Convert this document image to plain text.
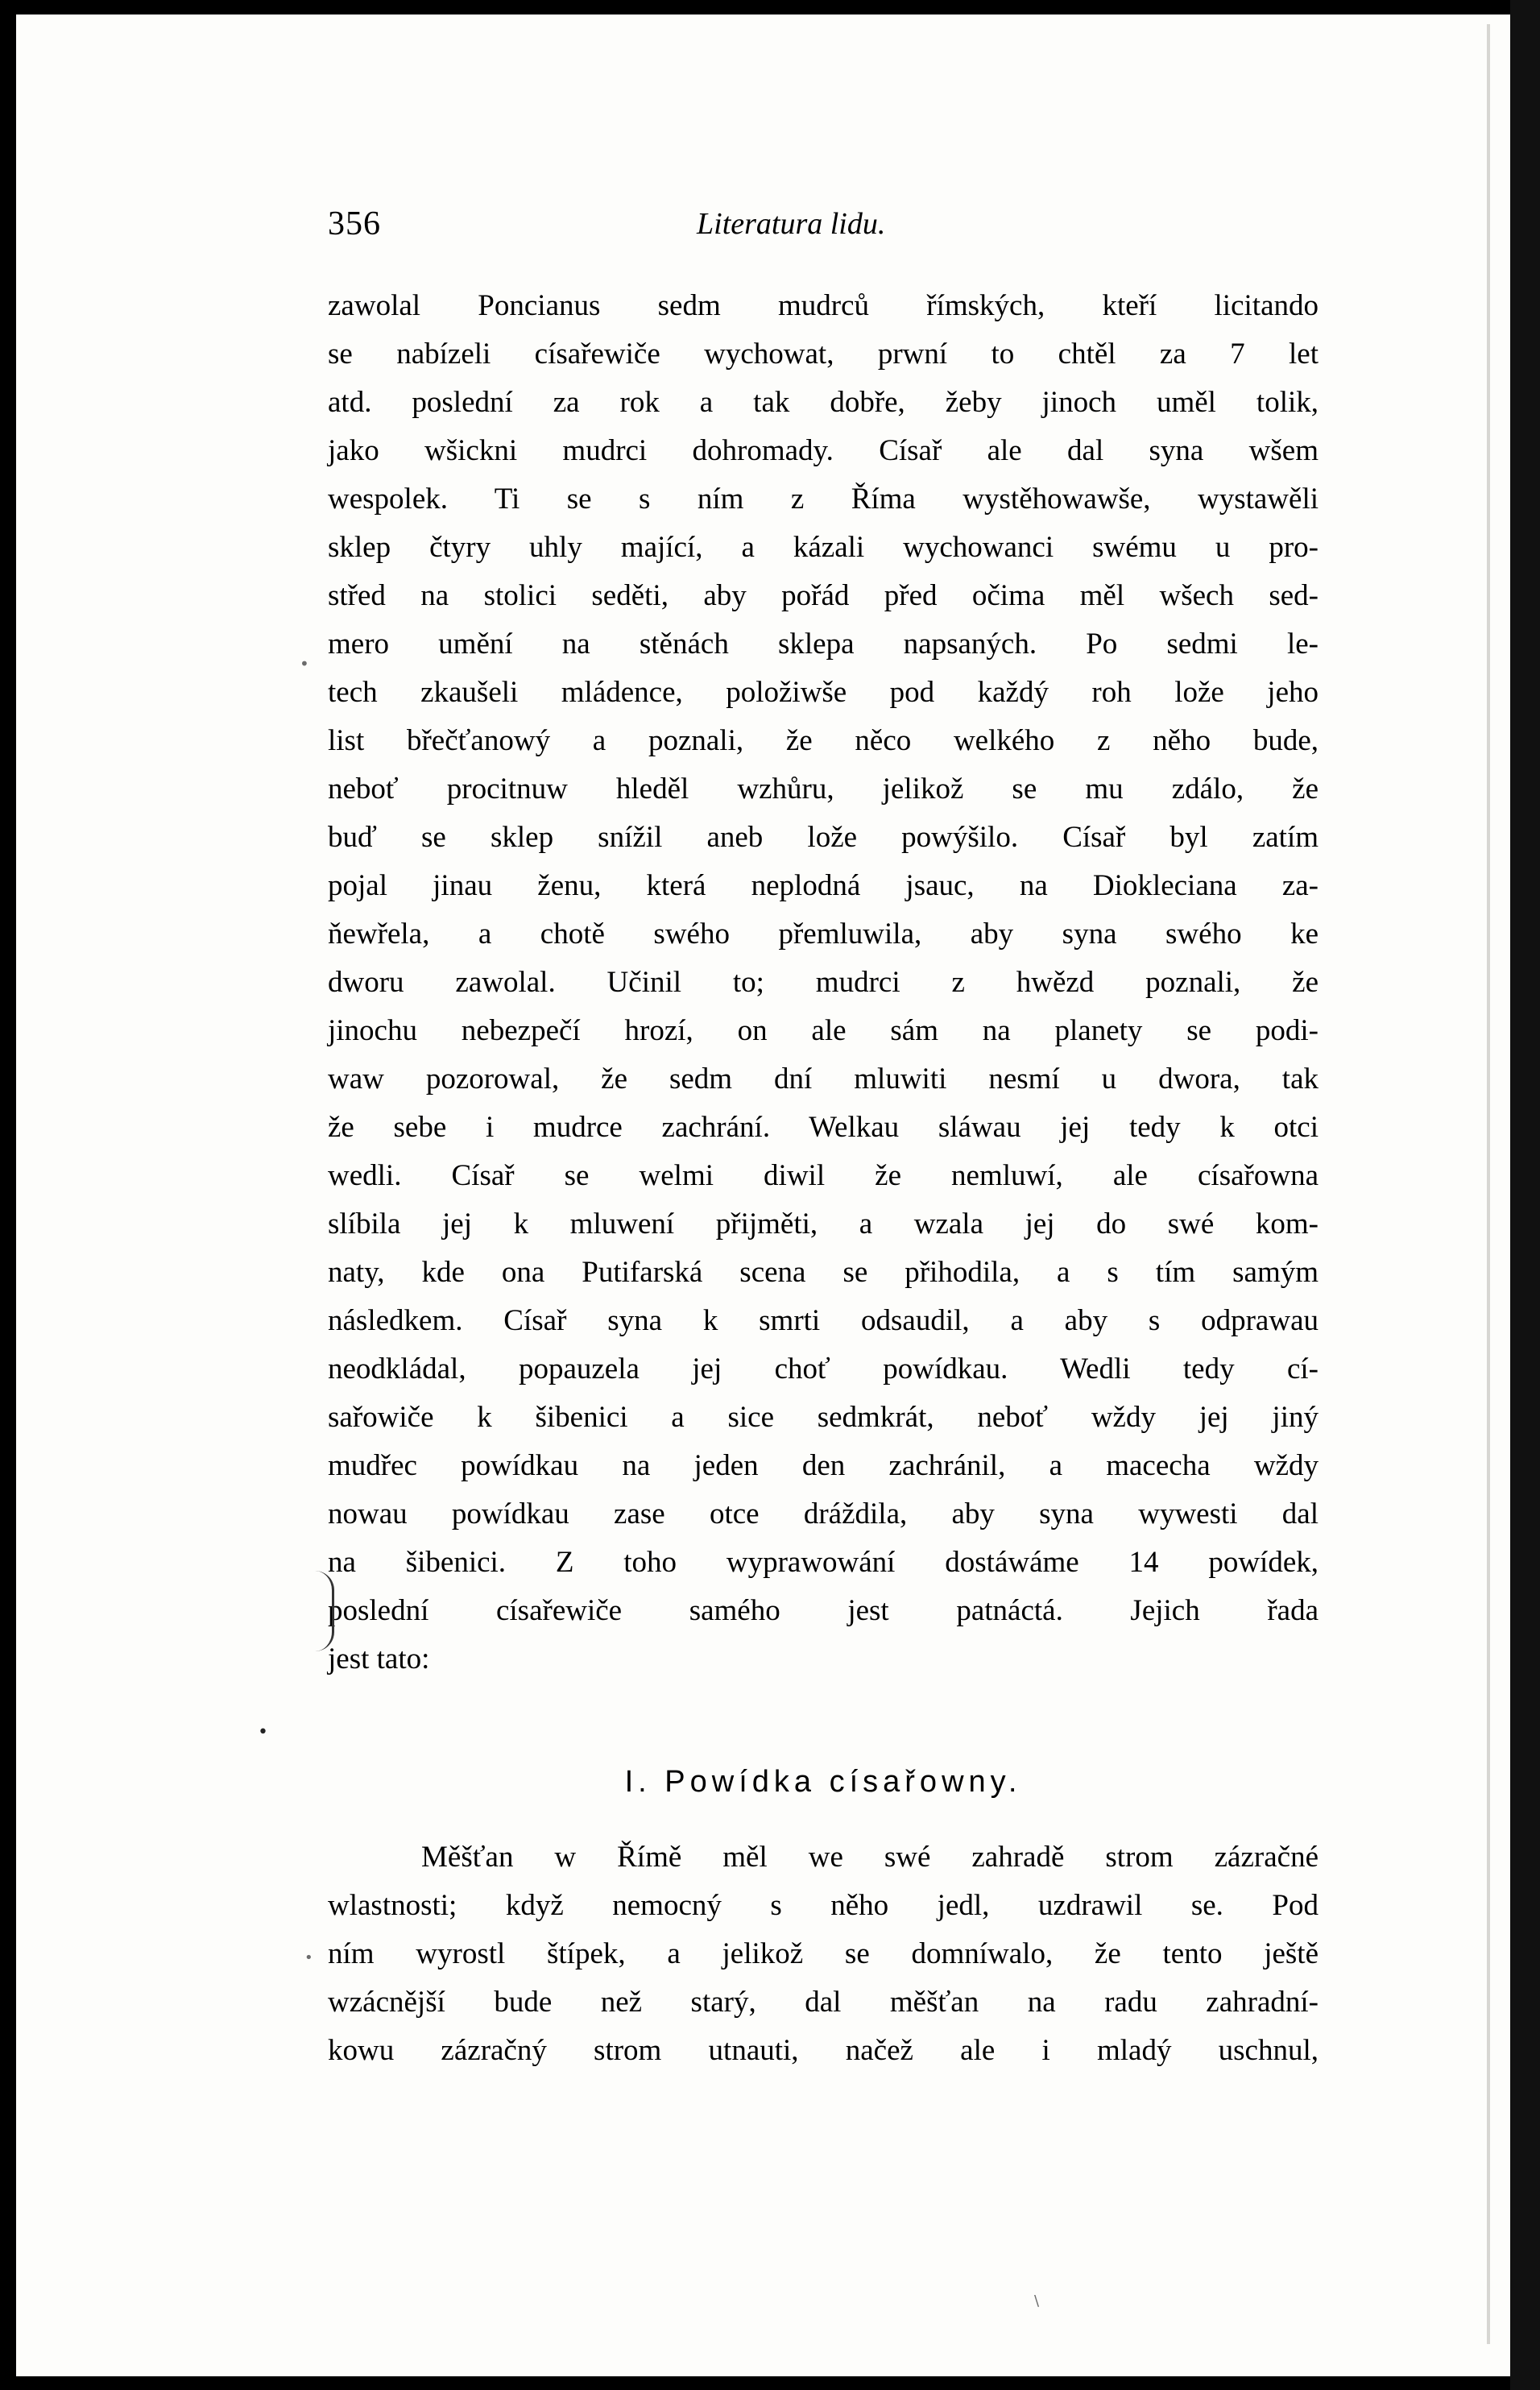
356	Literatura lidu.
zawolal Poncianus sedm mudrců římských, kteří licitando
se nabízeli císařewiče wychowat, prwní to chtěl za 7 let
atd. poslední za rok a tak dobře, žeby jinoch uměl tolik,
jako wšickni mudrci dohromady. Císař ale dal syna wšem
wespolek. Ti se s ním z Říma wystěhowawše, wystawěli
sklep čtyry uhly mající, a kázali wychowanci swému u pro-
střed na stolici seděti, aby pořád před očima měl wšech sed-
mero umění na stěnách sklepa napsaných. Po sedmi le-
tech zkaušeli mládence, položiwše pod každý roh lože jeho
list břečťanowý a poznali, že něco welkého z něho bude,
neboť procitnuw hleděl wzhůru, jelikož se mu zdálo, že
buď se sklep snížil aneb lože powýšilo. Císař byl zatím
pojal jinau ženu, která neplodná jsauc, na Diokleciana za-
ňewřela, a chotě swého přemluwila, aby syna swého ke
dworu zawolal. Učinil to; mudrci z hwězd poznali, že
jinochu nebezpečí hrozí, on ale sám na planety se podi-
waw pozorowal, že sedm dní mluwiti nesmí u dwora, tak
že sebe i mudrce zachrání. Welkau sláwau jej tedy k otci
wedli. Císař se welmi diwil že nemluwí, ale císařowna
slíbila jej k mluwení přijměti, a wzala jej do swé kom-
naty, kde ona Putifarská scena se přihodila, a s tím samým
následkem. Císař syna k smrti odsaudil, a aby s odprawau
neodkládal, popauzela jej choť powídkau. Wedli tedy cí-
sařowiče k šibenici a sice sedmkrát, neboť wždy jej jiný
mudřec powídkau na jeden den zachránil, a macecha wždy
nowau powídkau zase otce dráždila, aby syna wywesti dal
na šibenici. Z toho wyprawowání dostáwáme 14 powídek,
poslední císařewiče samého jest patnáctá. Jejich řada
jest tato:
I. Powídka císařowny.
Měšťan w Římě měl we swé zahradě strom zázračné
wlastnosti; když nemocný s něho jedl, uzdrawil se. Pod
ním wyrostl štípek, a jelikož se domníwalo, že tento ještě
wzácnější bude než starý, dal měšťan na radu zahradní-
kowu zázračný strom utnauti, načež ale i mladý uschnul,
•
•
•
\
